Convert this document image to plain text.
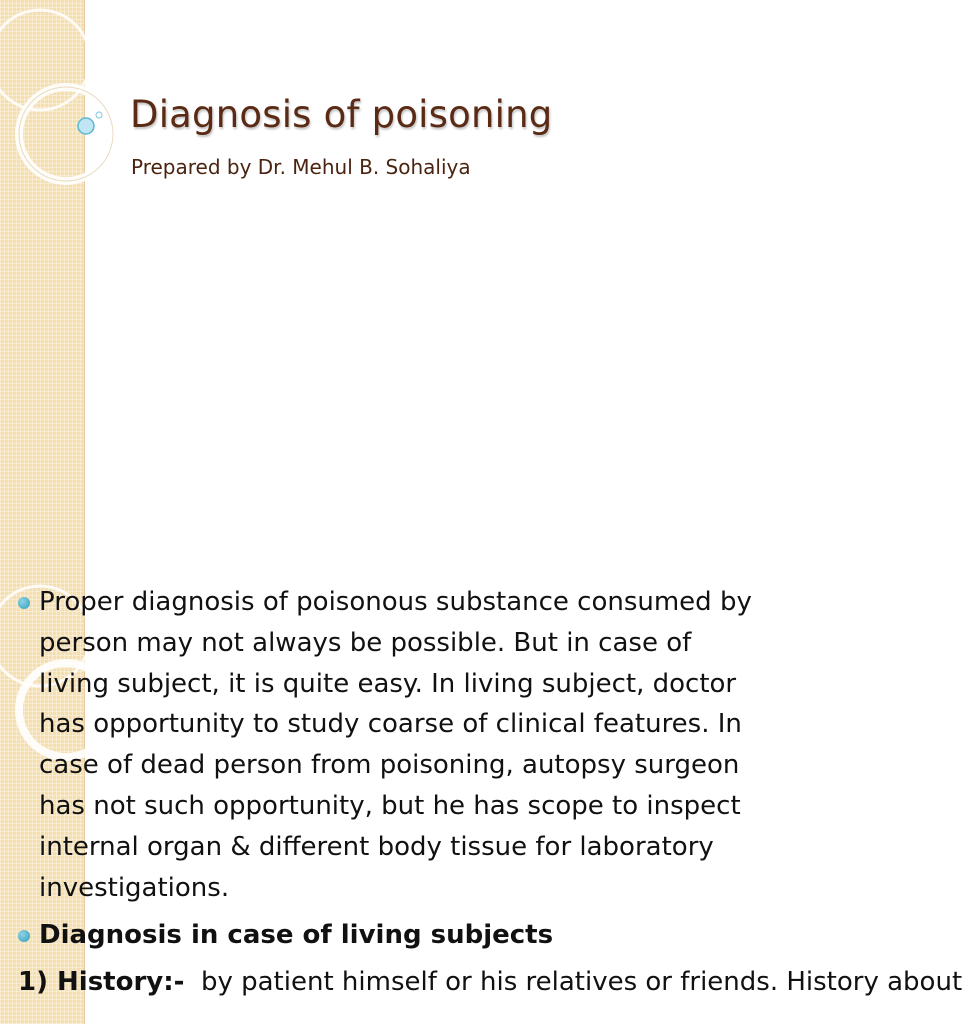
Diagnosis of poisoning
Prepared by Dr. Mehul B. Sohaliya
Proper diagnosis of poisonous substance consumed by person may not always be possible. But in case of living subject, it is quite easy. In living subject, doctor has opportunity to study coarse of clinical features. In case of dead person from poisoning, autopsy surgeon has not such opportunity, but he has scope to inspect internal organ & different body tissue for laboratory investigations.
Diagnosis in case of living subjects
1) History:- by patient himself or his relatives or friends. History about
